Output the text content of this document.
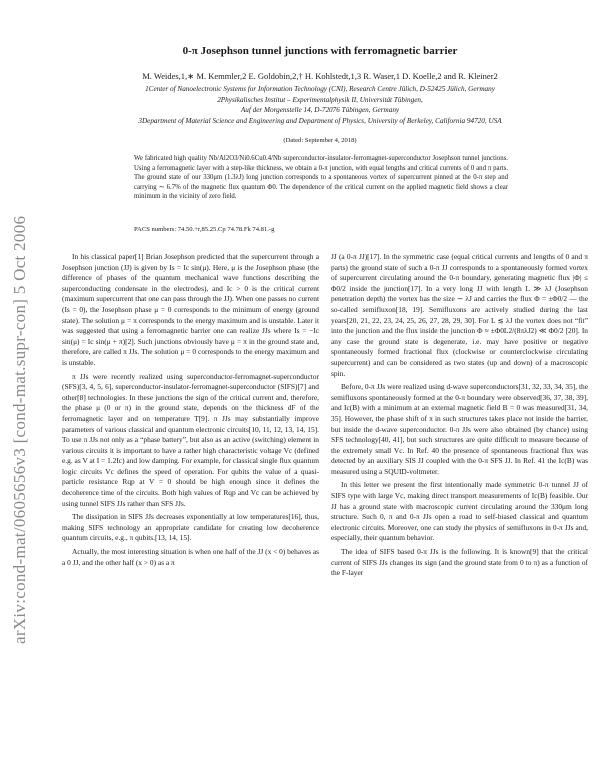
arXiv:cond-mat/0605656v3 [cond-mat.supr-con] 5 Oct 2006
0-π Josephson tunnel junctions with ferromagnetic barrier
M. Weides,1,∗ M. Kemmler,2 E. Goldobin,2,† H. Kohlstedt,1,3 R. Waser,1 D. Koelle,2 and R. Kleiner2
1Center of Nanoelectronic Systems for Information Technology (CNI), Research Centre Jülich, D-52425 Jülich, Germany
2Physikalisches Institut – Experimentalphysik II, Universität Tübingen,
Auf der Morgenstelle 14, D-72076 Tübingen, Germany
3Department of Material Science and Engineering and Department of Physics, University of Berkeley, California 94720, USA
(Dated: September 4, 2018)
We fabricated high quality Nb/Al2O3/Ni0.6Cu0.4/Nb superconductor-insulator-ferromagnet-superconductor Josephson tunnel junctions. Using a ferromagnetic layer with a step-like thickness, we obtain a 0-π junction, with equal lengths and critical currents of 0 and π parts. The ground state of our 330μm (1.3λJ) long junction corresponds to a spontaneous vortex of supercurrent pinned at the 0-π step and carrying ∼ 6.7% of the magnetic flux quantum Φ0. The dependence of the critical current on the applied magnetic field shows a clear minimum in the vicinity of zero field.
PACS numbers: 74.50.+r,85.25.Cp 74.78.Fk 74.81.-g

In his classical paper[1] Brian Josephson predicted that the supercurrent through a Josephson junction (JJ) is given by Is = Ic sin(μ). Here, μ is the Josephson phase (the difference of phases of the quantum mechanical wave functions describing the superconducting condensate in the electrodes), and Ic > 0 is the critical current (maximum supercurrent that one can pass through the JJ). When one passes no current (Is = 0), the Josephson phase μ = 0 corresponds to the minimum of energy (ground state). The solution μ = π corresponds to the energy maximum and is unstable. Later it was suggested that using a ferromagnetic barrier one can realize JJs where Is = −Ic sin(μ) = Ic sin(μ + π)[2]. Such junctions obviously have μ = π in the ground state and, therefore, are called π JJs. The solution μ = 0 corresponds to the energy maximum and is unstable.

π JJs were recently realized using superconductor-ferromagnet-superconductor (SFS)[3, 4, 5, 6], superconductor-insulator-ferromagnet-superconductor (SIFS)[7] and other[8] technologies. In these junctions the sign of the critical current and, therefore, the phase μ (0 or π) in the ground state, depends on the thickness dF of the ferromagnetic layer and on temperature T[9]. π JJs may substantially improve parameters of various classical and quantum electronic circuits[10, 11, 12, 13, 14, 15]. To use π JJs not only as a “phase battery”, but also as an active (switching) element in various circuits it is important to have a rather high characteristic voltage Vc (defined e.g. as V at I = 1.2Ic) and low damping. For example, for classical single flux quantum logic circuits Vc defines the speed of operation. For qubits the value of a quasi-particle resistance Rqp at V = 0 should be high enough since it defines the decoherence time of the circuits. Both high values of Rqp and Vc can be achieved by using tunnel SIFS JJs rather than SFS JJs.

The dissipation in SIFS JJs decreases exponentially at low temperatures[16], thus, making SIFS technology an appropriate candidate for creating low decoherence quantum circuits, e.g., π qubits.[13, 14, 15].

Actually, the most interesting situation is when one half of the JJ (x < 0) behaves as a 0 JJ, and the other half (x > 0) as a π

JJ (a 0-π JJ)[17]. In the symmetric case (equal critical currents and lengths of 0 and π parts) the ground state of such a 0-π JJ corresponds to a spontaneously formed vortex of supercurrent circulating around the 0-π boundary, generating magnetic flux |Φ| ≤ Φ0/2 inside the junction[17]. In a very long JJ with length L ≫ λJ (Josephson penetration depth) the vortex has the size ∼ λJ and carries the flux Φ = ±Φ0/2 — the so-called semifluxon[18, 19]. Semifluxons are actively studied during the last years[20, 21, 22, 23, 24, 25, 26, 27, 28, 29, 30]. For L ≲ λJ the vortex does not “fit” into the junction and the flux inside the junction Φ ≈ ±Φ0L2/(8πλJ2) ≪ Φ0/2 [20]. In any case the ground state is degenerate, i.e. may have positive or negative spontaneously formed fractional flux (clockwise or counterclockwise circulating supercurrent) and can be considered as two states (up and down) of a macroscopic spin.

Before, 0-π JJs were realized using d-wave superconductors[31, 32, 33, 34, 35], the semifluxons spontaneously formed at the 0-π boundary were observed[36, 37, 38, 39], and Ic(B) with a minimum at an external magnetic field B = 0 was measured[31, 34, 35]. However, the phase shift of π in such structures takes place not inside the barrier, but inside the d-wave superconductor. 0-π JJs were also obtained (by chance) using SFS technology[40, 41], but such structures are quite difficult to measure because of the extremely small Vc. In Ref. 40 the presence of spontaneous fractional flux was detected by an auxiliary SIS JJ coupled with the 0-π SFS JJ. In Ref. 41 the Ic(B) was measured using a SQUID-voltmeter.

In this letter we present the first intentionally made symmetric 0-π tunnel JJ of SIFS type with large Vc, making direct transport measurements of Ic(B) feasible. Our JJ has a ground state with macroscopic current circulating around the 330μm long structure. Such 0, π and 0-π JJs open a road to self-biased classical and quantum electronic circuits. Moreover, one can study the physics of semifluxons in 0-π JJs and, especially, their quantum behavior.

The idea of SIFS based 0-π JJs is the following. It is known[9] that the critical current of SIFS JJs changes its sign (and the ground state from 0 to π) as a function of the F-layer
